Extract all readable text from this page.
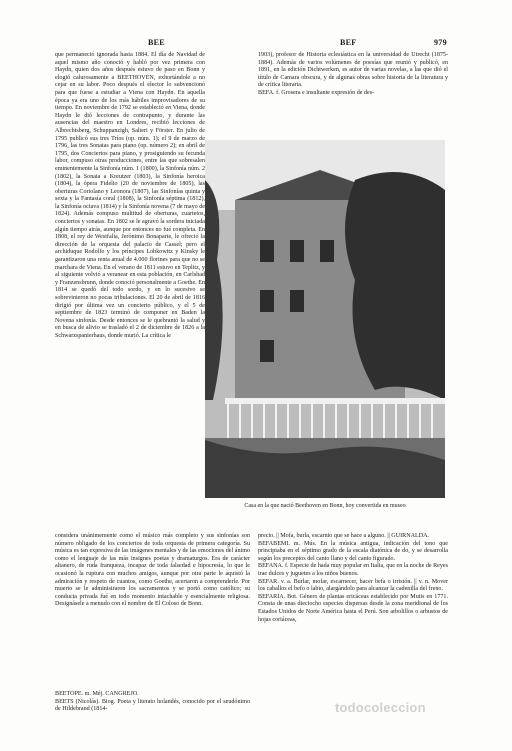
BEE	BEF	979

que permaneció ignorada hasta 1884. El día de Navidad de aquel mismo año conoció y habló por vez primera con Haydn, quien dos años después estuvo de paso en Bonn y elogió calurosamente a BEETHOVEN, exhortándole a no cejar en su labor. Poco después el elector lo subvencionó para que fuese a estudiar a Viena con Haydn. En aquella época ya era uno de los más hábiles improvisadores de su tiempo. En noviembre de 1792 se estableció en Viena, donde Haydn le dió lecciones de contrapunto, y durante las ausencias del maestro en Londres, recibió lecciones de Albrechtsberg, Schuppanzigh, Salieri y Förster. En julio de 1795 publicó sus tres Tríos (op. núm. 1); el 9 de marzo de 1796, las tres Sonatas para piano (op. número 2); en abril de 1795, dos Conciertos para piano, y prosiguiendo su fecunda labor, compuso otras producciones, entre las que sobresalen eminentemente la Sinfonía núm. 1 (1800), la Sinfonía núm. 2 (1802), la Sonata a Kreutzer (1803), la Sinfonía heroica (1804), la ópera Fidelio (20 de noviembre de 1805), las oberturas Coriolano y Leonora (1807), las Sinfonías quinta y sexta y la Fantasía coral (1808), la Sinfonía séptima (1812), la Sinfonía octava (1814) y la Sinfonía novena (7 de mayo de 1824). Además compuso multitud de oberturas, cuartetos, conciertos y sonatas. En 1802 se le agravó la sordera iniciada algún tiempo atrás, aunque por entonces no fué completa. En 1808, el rey de Westfalia, Jerónimo Bonaparte, le ofreció la dirección de la orquesta del palacio de Cassel; pero el archiduque Rodolfo y los príncipes Lobkowitz y Kinsky le garantizaron una renta anual de 4.000 florines para que no se marchara de Viena. En el verano de 1811 estuvo en Teplitz, y al siguiente volvió a veranear en esta población, en Carlsbad y Franzensbrunn, donde conoció personalmente a Goethe. En 1814 se quedó del todo sordo, y en lo sucesivo se sobrevinieron no pocas tribulaciones. El 20 de abril de 1816 dirigió por última vez un concierto público, y el 5 de septiembre de 1823 terminó de componer en Baden la Novena sinfonía. Desde entonces se le quebrantó la salud y en busca de alivio se trasladó el 2 de diciembre de 1826 a la Schwarzspanierhaus, donde murió. La crítica le

1903), profesor de Historia eclesiástica en la universidad de Utrecht (1875-1884). Además de varios volúmenes de poesías que reunió y publicó, en 1891, en la edición Dichtwerken, es autor de varias novelas, a las que dió el título de Camara obscura, y de algunas obras sobre historia de la literatura y de crítica literaria.

BEFA. f. Grosera e insultante expresión de des-

Casa en la que nació Beethoven en Bonn, hoy convertida en museo

considera unánimemente como el músico más completo y sus sinfonías son número obligado de los conciertos de toda orquesta de primera categoría. Su música es tan expresiva de las imágenes mentales y de las emociones del ánimo como el lenguaje de las más insignes poetas y dramaturgos. Era de carácter altanero, de ruda franqueza, incapaz de toda falsedad e hipocresía, lo que le ocasionó la ruptura con muchos amigos, aunque por otra parte le aquistó la admiración y respeto de cuantos, como Goethe, acertaron a comprenderle. Por muerto se le administraron los sacramentos y se portó como católico; su conducta privada fué en todo momento intachable y esencialmente religiosa. Designásele a menudo con el nombre de El Coloso de Bonn.

BEETOPE. m. Méj. CANGREJO.

BEETS (Nicolás). Biog. Poeta y literato holandés, conocido por el seudónimo de Hildebrand (1814-

precio. || Mofa, burla, escarnio que se hace a alguno. || GUIRNALDA.

BEFABEMI. m. Mús. En la música antigua, indicación del tono que principiaba en el séptimo grado de la escala diatónica de do, y se desarrolla según los preceptos del canto llano y del canto figurado.

BEFANA. f. Especie de hada muy popular en Italia, que en la noche de Reyes trae dulces y juguetes a los niños buenos.

BEFAR. v. a. Burlar, mofar, escarnecer, hacer befa o irrisión. || v. n. Mover los caballos el befo o labio, alargándolo para alcanzar la cadenilla del freno.

BEFARIA. Bot. Género de plantas ericáceas establecido por Mutis en 1771. Consta de unas dieciocho especies dispersas desde la zona meridional de los Estados Unidos de Norte América hasta el Perú. Son arbolillos o arbustos de hojas coriáceas,

todocoleccion
